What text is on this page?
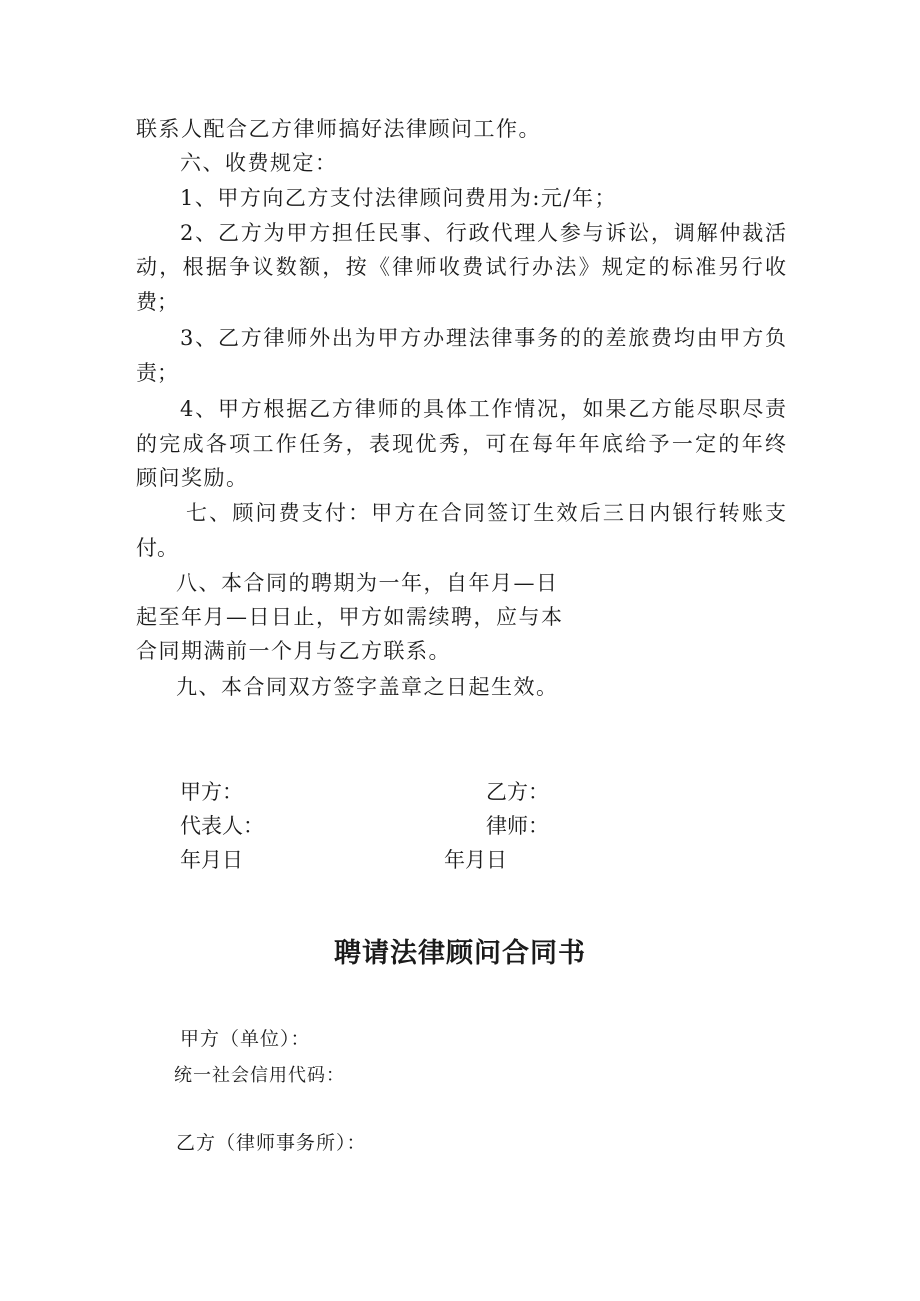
联系人配合乙方律师搞好法律顾问工作。

六、收费规定：

1、甲方向乙方支付法律顾问费用为:元/年；

2、乙方为甲方担任民事、行政代理人参与诉讼，调解仲裁活

动，根据争议数额，按《律师收费试行办法》规定的标准另行收

费；

3、乙方律师外出为甲方办理法律事务的的差旅费均由甲方负

责；

4、甲方根据乙方律师的具体工作情况，如果乙方能尽职尽责

的完成各项工作任务，表现优秀，可在每年年底给予一定的年终

顾问奖励。

七、顾问费支付：甲方在合同签订生效后三日内银行转账支

付。

八、本合同的聘期为一年，自年月—日

起至年月—日日止，甲方如需续聘，应与本

合同期满前一个月与乙方联系。

九、本合同双方签字盖章之日起生效。

甲方：	乙方：

代表人：	律师：

年月日	年月日

聘请法律顾问合同书

甲方（单位）：

统一社会信用代码：

乙方（律师事务所）：
